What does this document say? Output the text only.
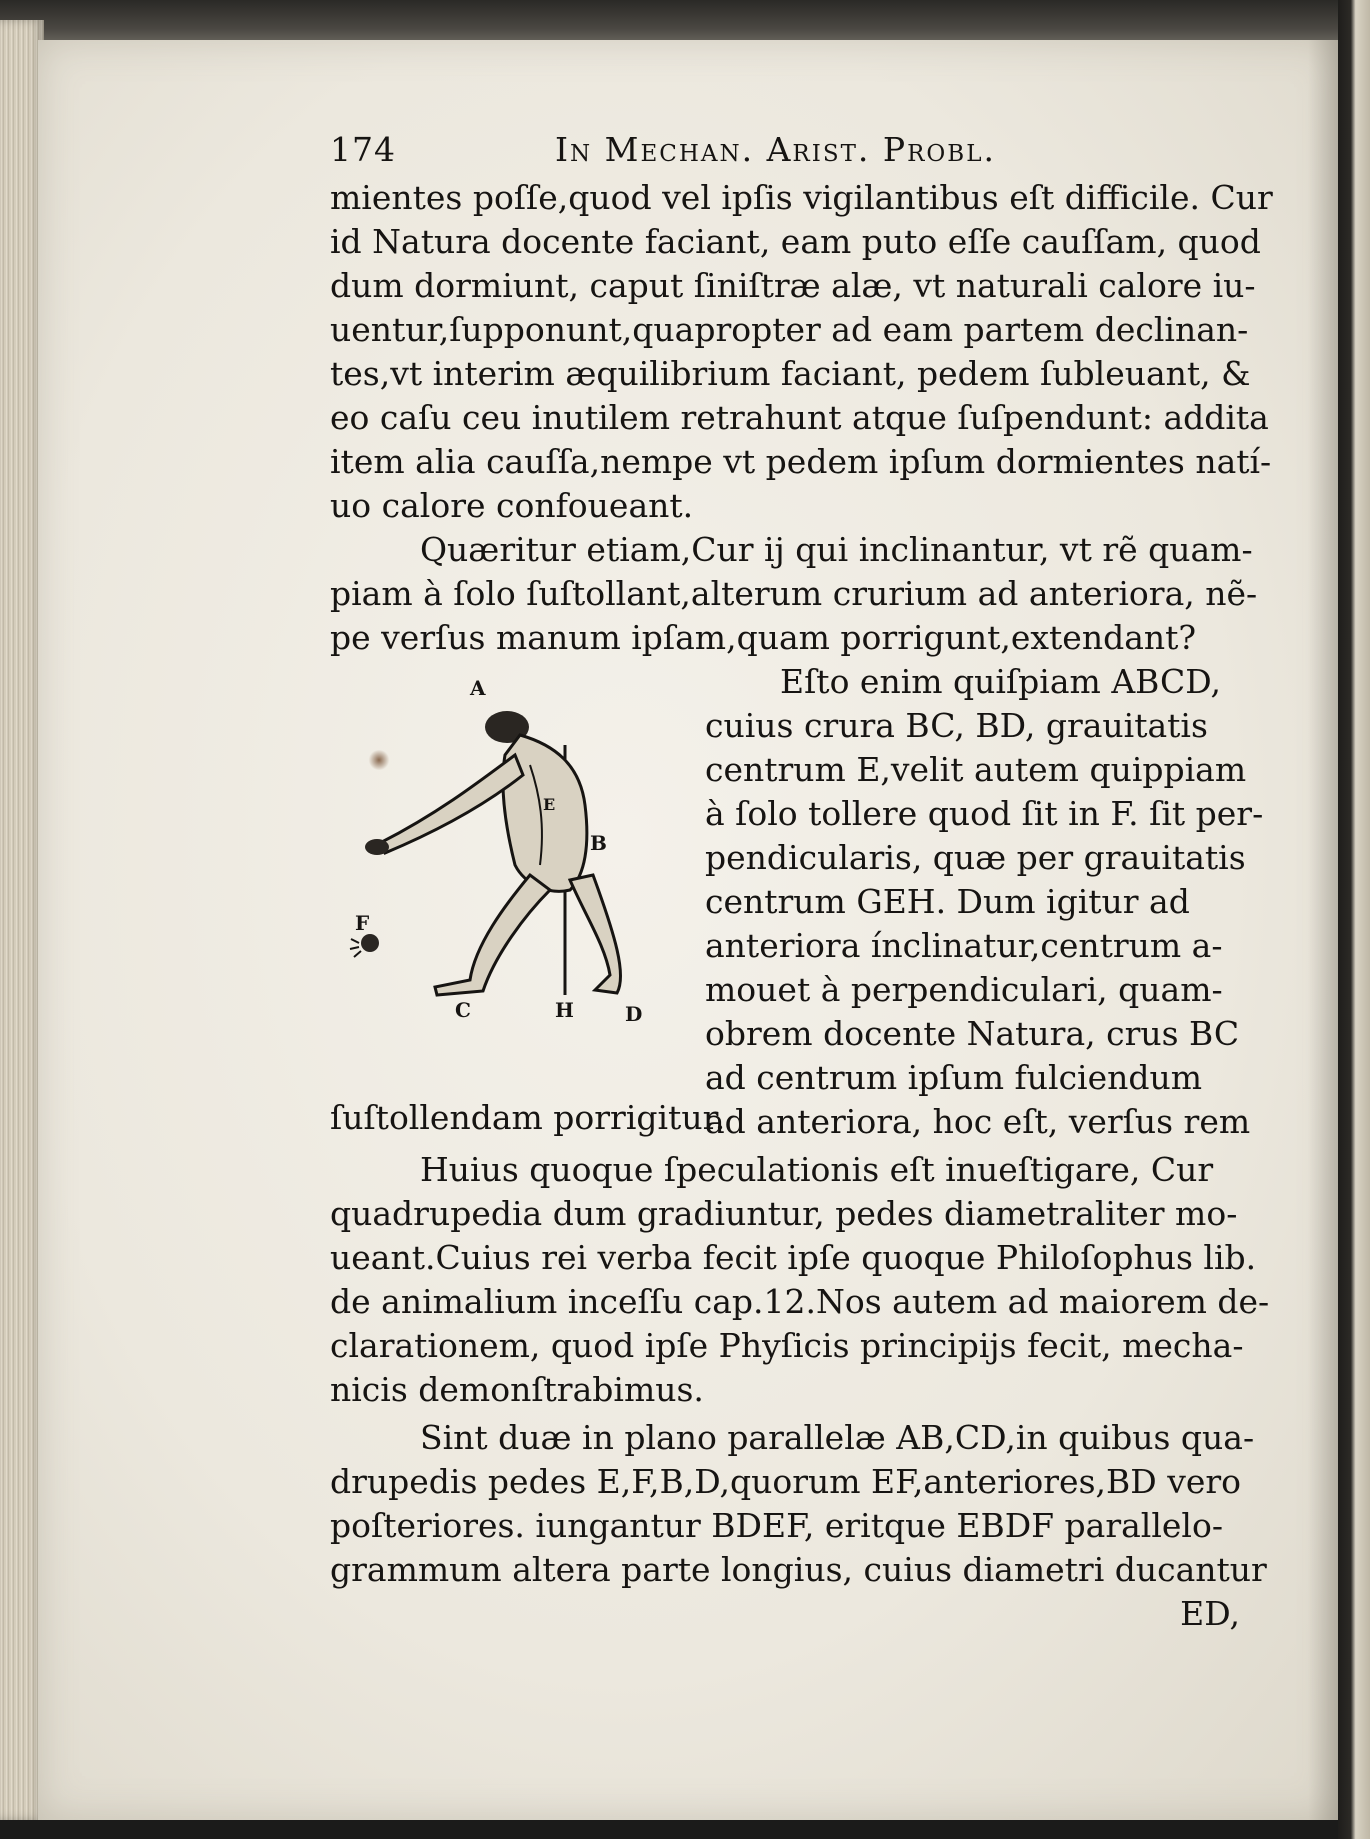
174	In Mechan. Arist. Probl.
mientes poſſe,quod vel ipſis vigilantibus eſt difficile. Cur
id Natura docente faciant, eam puto eſſe cauſſam, quod
dum dormiunt, caput ſiniſtræ alæ, vt naturali calore iu-
uentur,ſupponunt,quapropter ad eam partem declinan-
tes,vt interim æquilibrium faciant, pedem ſubleuant, &
eo caſu ceu inutilem retrahunt atque ſuſpendunt: addita
item alia cauſſa,nempe vt pedem ipſum dormientes natí-
uo calore confoueant.
Quæritur etiam,Cur ij qui inclinantur, vt rẽ quam-
piam à ſolo ſuſtollant,alterum crurium ad anteriora, nẽ-
pe verſus manum ipſam,quam porrigunt,extendant?
A
B
E
F
C	H	D
Eſto enim quiſpiam ABCD,
cuius crura BC, BD, grauitatis
centrum E,velit autem quippiam
à ſolo tollere quod ſit in F. ſit per-
pendicularis, quæ per grauitatis
centrum GEH. Dum igitur ad
anteriora ínclinatur,centrum a-
mouet à perpendiculari, quam-
obrem docente Natura, crus BC
ad centrum ipſum fulciendum
ad anteriora, hoc eſt, verſus rem
ſuſtollendam porrigitur.
Huius quoque ſpeculationis eſt inueſtigare, Cur
quadrupedia dum gradiuntur, pedes diametraliter mo-
ueant.Cuius rei verba fecit ipſe quoque Philoſophus lib.
de animalium inceſſu cap.12.Nos autem ad maiorem de-
clarationem, quod ipſe Phyſicis principijs fecit, mecha-
nicis demonſtrabimus.
Sint duæ in plano parallelæ AB,CD,in quibus qua-
drupedis pedes E,F,B,D,quorum EF,anteriores,BD vero
poſteriores. iungantur BDEF, eritque EBDF parallelo-
grammum altera parte longius, cuius diametri ducantur
ED,
